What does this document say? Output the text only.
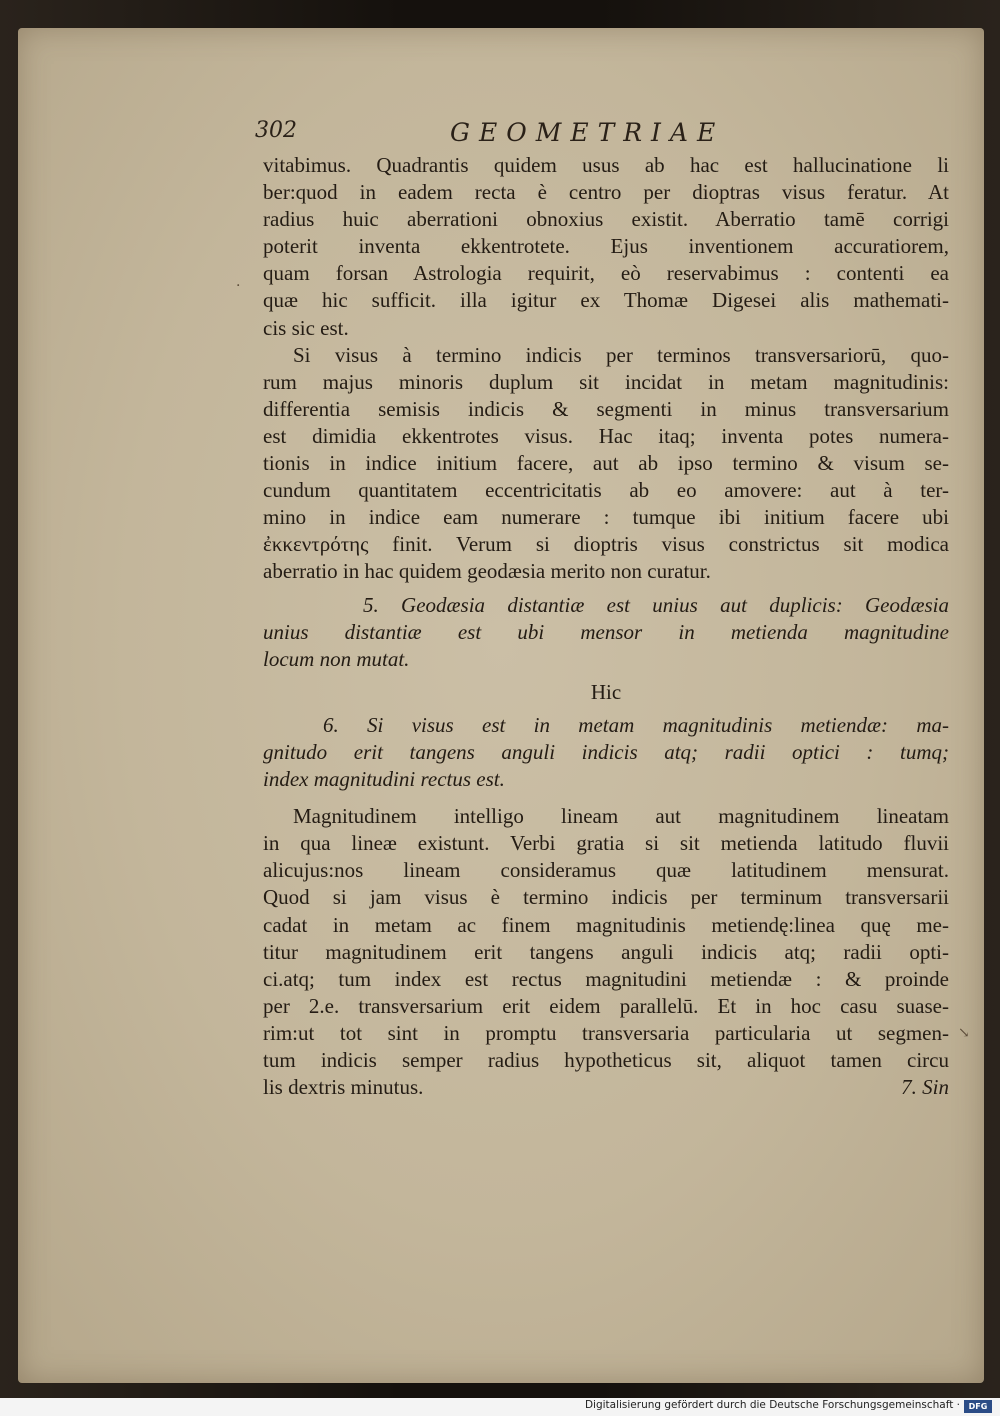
302	GEOMETRIAE
vitabimus. Quadrantis quidem usus ab hac est hallucinatione li
ber:quod in eadem recta è centro per dioptras visus feratur. At
radius huic aberrationi obnoxius existit. Aberratio tamē corrigi
poterit inventa ekkentrotete. Ejus inventionem accuratiorem,
quam forsan Astrologia requirit, eò reservabimus : contenti ea
quæ hic sufficit. illa igitur ex Thomæ Digesei alis mathemati-
cis sic est.
Si visus à termino indicis per terminos transversariorū, quo-
rum majus minoris duplum sit incidat in metam magnitudinis:
differentia semisis indicis & segmenti in minus transversarium
est dimidia ekkentrotes visus. Hac itaq; inventa potes numera-
tionis in indice initium facere, aut ab ipso termino & visum se-
cundum quantitatem eccentricitatis ab eo amovere: aut à ter-
mino in indice eam numerare : tumque ibi initium facere ubi
ἐκκεντρότης finit. Verum si dioptris visus constrictus sit modica
aberratio in hac quidem geodæsia merito non curatur.
5. Geodæsia distantiæ est unius aut duplicis: Geodæsia
unius distantiæ est ubi mensor in metienda magnitudine
locum non mutat.
Hic
6. Si visus est in metam magnitudinis metiendæ: ma-
gnitudo erit tangens anguli indicis atq; radii optici : tumq;
index magnitudini rectus est.
Magnitudinem intelligo lineam aut magnitudinem lineatam
in qua lineæ existunt. Verbi gratia si sit metienda latitudo fluvii
alicujus:nos lineam consideramus quæ latitudinem mensurat.
Quod si jam visus è termino indicis per terminum transversarii
cadat in metam ac finem magnitudinis metiendę:linea quę me-
titur magnitudinem erit tangens anguli indicis atq; radii opti-
ci.atq; tum index est rectus magnitudini metiendæ : & proinde
per 2.e. transversarium erit eidem parallelū. Et in hoc casu suase-
rim:ut tot sint in promptu transversaria particularia ut segmen-
tum indicis semper radius hypotheticus sit, aliquot tamen circu
lis dextris minutus.	7. Sin
·
↘
Digitalisierung gefördert durch die Deutsche Forschungsgemeinschaft ·	DFG
